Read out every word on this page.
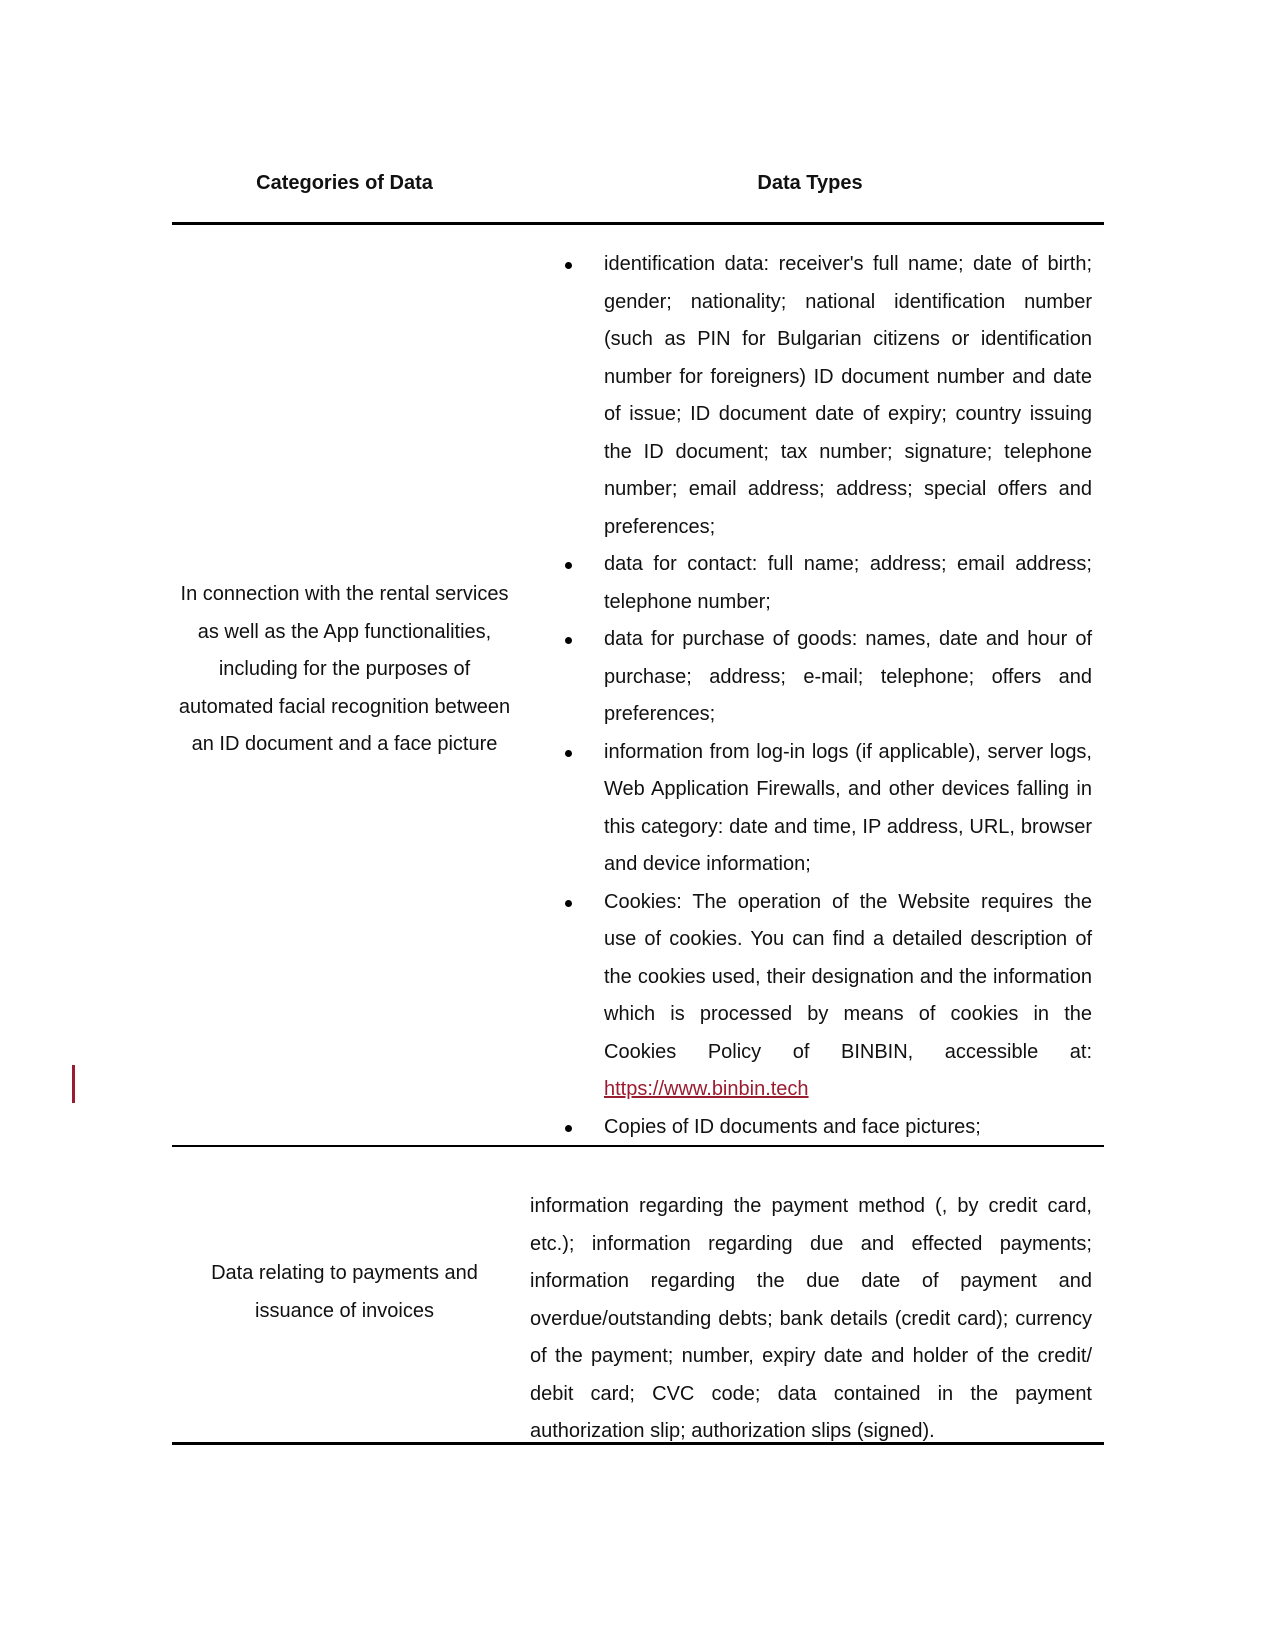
Categories of Data	Data Types
In connection with the rental services as well as the App functionalities, including for the purposes of automated facial recognition between an ID document and a face picture
identification data: receiver's full name; date of birth; gender; nationality; national identification number (such as PIN for Bulgarian citizens or identification number for foreigners) ID document number and date of issue; ID document date of expiry; country issuing the ID document; tax number; signature; telephone number; email address; address; special offers and preferences;
data for contact: full name; address; email address; telephone number;
data for purchase of goods: names, date and hour of purchase; address; e-mail; telephone; offers and preferences;
information from log-in logs (if applicable), server logs, Web Application Firewalls, and other devices falling in this category: date and time, IP address, URL, browser and device information;
Cookies: The operation of the Website requires the use of cookies. You can find a detailed description of the cookies used, their designation and the information which is processed by means of cookies in the Cookies Policy of BINBIN, accessible at: https://www.binbin.tech
Copies of ID documents and face pictures;
Data relating to payments and issuance of invoices

information regarding the payment method (, by credit card, etc.); information regarding due and effected payments; information regarding the due date of payment and overdue/outstanding debts; bank details (credit card); currency of the payment; number, expiry date and holder of the credit/ debit card; CVC code; data contained in the payment authorization slip; authorization slips (signed).
